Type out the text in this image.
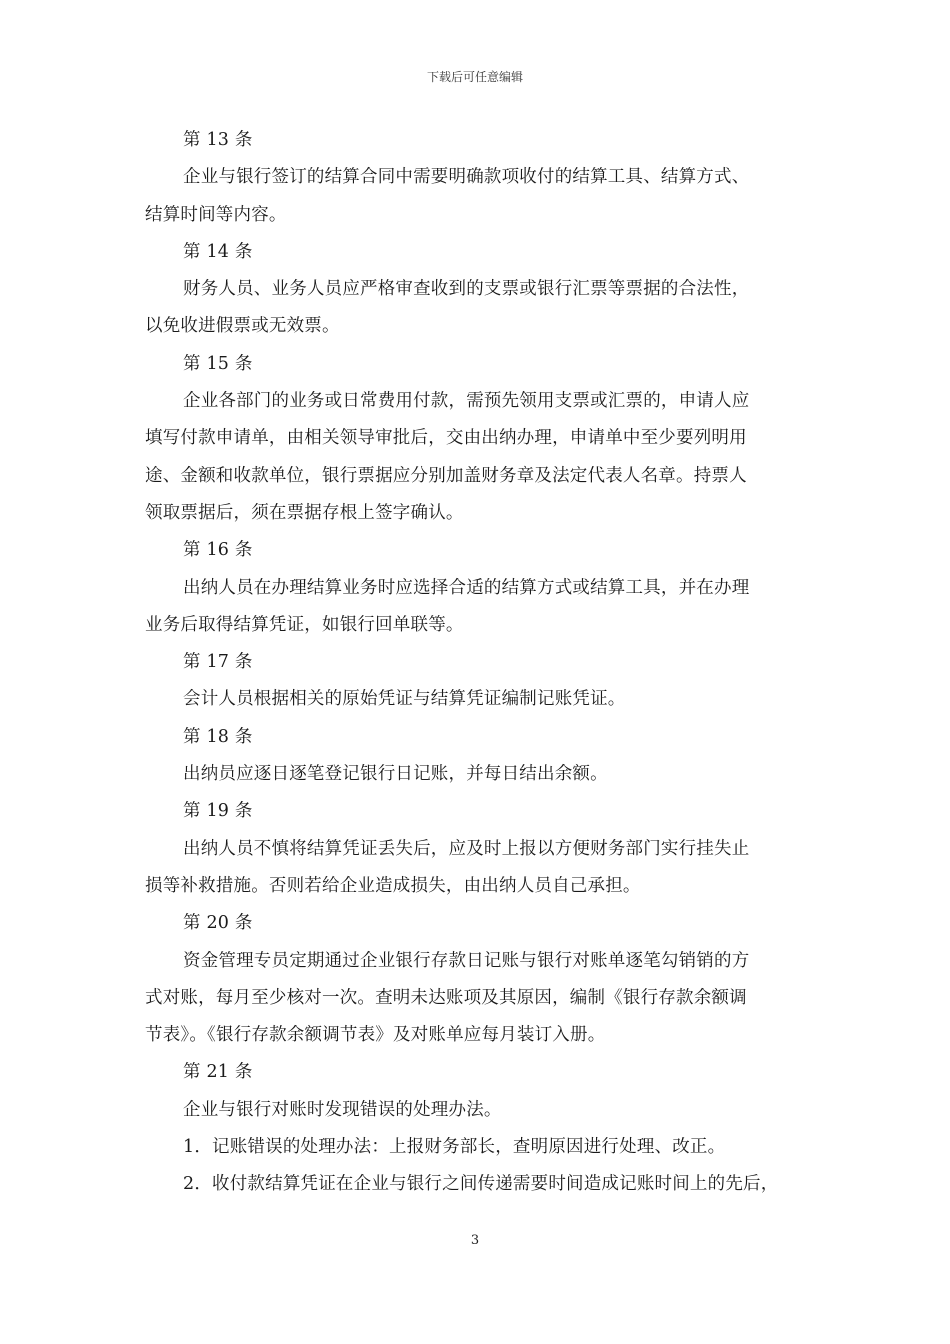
下载后可任意编辑
第 13 条
企业与银行签订的结算合同中需要明确款项收付的结算工具、结算方式、
结算时间等内容。
第 14 条
财务人员、业务人员应严格审查收到的支票或银行汇票等票据的合法性，
以免收进假票或无效票。
第 15 条
企业各部门的业务或日常费用付款，需预先领用支票或汇票的，申请人应
填写付款申请单，由相关领导审批后，交由出纳办理，申请单中至少要列明用
途、金额和收款单位，银行票据应分别加盖财务章及法定代表人名章。持票人
领取票据后，须在票据存根上签字确认。
第 16 条
出纳人员在办理结算业务时应选择合适的结算方式或结算工具，并在办理
业务后取得结算凭证，如银行回单联等。
第 17 条
会计人员根据相关的原始凭证与结算凭证编制记账凭证。
第 18 条
出纳员应逐日逐笔登记银行日记账，并每日结出余额。
第 19 条
出纳人员不慎将结算凭证丢失后，应及时上报以方便财务部门实行挂失止
损等补救措施。否则若给企业造成损失，由出纳人员自己承担。
第 20 条
资金管理专员定期通过企业银行存款日记账与银行对账单逐笔勾销销的方
式对账，每月至少核对一次。查明未达账项及其原因，编制《银行存款余额调
节表》。《银行存款余额调节表》及对账单应每月装订入册。
第 21 条
企业与银行对账时发现错误的处理办法。
1．记账错误的处理办法：上报财务部长，查明原因进行处理、改正。
2．收付款结算凭证在企业与银行之间传递需要时间造成记账时间上的先后，
3
